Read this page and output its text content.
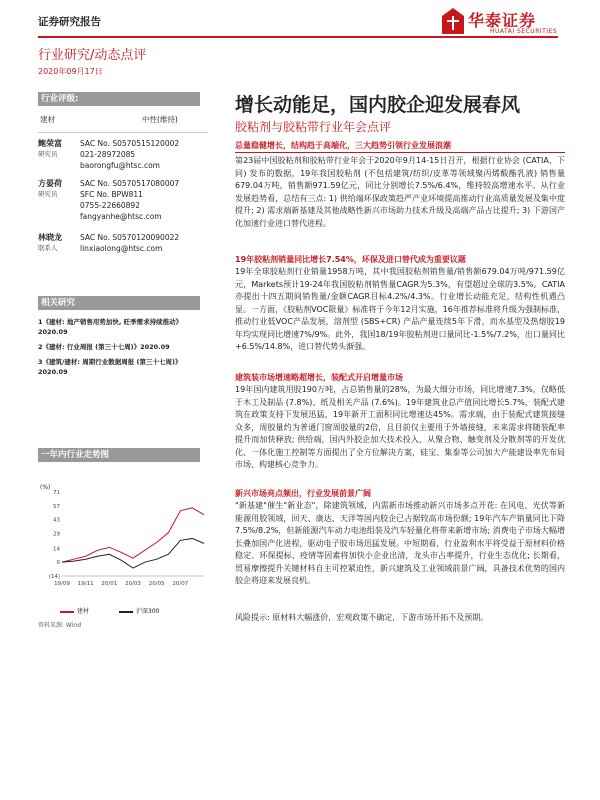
证券研究报告	华泰证券
HUATAI SECURITIES
行业研究/动态点评
2020年09月17日
行业评级:
建材	中性(维持)
鲍荣富
研究员
SAC No. S0570515120002
021-28972085
baorongfu@htsc.com
方晏荷
研究员
SAC No. S0570517080007
SFC No. BPW811
0755-22660892
fangyanhe@htsc.com
林晓龙
联系人
SAC No. S0570120090022
linxiaolong@htsc.com
相关研究
1《建材: 地产销售用势加快, 旺季需求持续推动》 2020.09
2《建材: 行业周报 (第三十七周)》2020.09
3《建筑/建材: 周期行业数据周报 (第三十七周)》 2020.09
一年内行业走势图
71
57
43
29
14
0
(14)
19/09 19/11 20/01 20/03 20/05 20/07
(%)
建材	沪深300
资料来源: Wind
增长动能足，国内胶企迎发展春风
胶粘剂与胶粘带行业年会点评
总量稳健增长，结构趋于高端化，三大趋势引领行业发展浪潮
第23届中国胶粘剂和胶粘带行业年会于2020年9月14-15日召开，根据行业协会 (CATIA，下同) 发布的数据，19年我国胶粘剂 (不包括建筑/纺织/皮革等领域聚丙烯酸酯乳液) 销售量679.04万吨，销售额971.59亿元，同比分别增长7.5%/6.4%，维持较高增速水平。从行业发展趋势看，总结有三点: 1) 供给端环保政策趋严产业环境提高推动行业高质量发展及集中度提升; 2) 需求端新基建及其他战略性新兴市场助力技术升级及高端产品占比提升; 3) 下游国产化加速行业进口替代进程。
19年胶粘剂销量同比增长7.54%，环保及进口替代成为重要议题
19年全球胶粘剂行业销量1958万吨，其中我国胶粘剂销售量/销售额679.04万吨/971.59亿元，Markets预计19-24年我国胶粘剂销售量CAGR为5.3%，有望超过全球的3.5%。CATIA亦提出十四五期间销售量/金额CAGR目标4.2%/4.3%。行业增长动能充足，结构性机遇凸显。一方面，《胶粘剂VOC限量》标准将于今年12月实施，16年推荐标准将升级为强制标准，推动行业低VOC产品发展，溶剂型 (SBS+CR) 产品产量连续5年下滑，而水基型及热熔胶19年均实现同比增速7%/9%。此外，我国18/19年胶粘剂进口量同比-1.5%/7.2%，出口量同比+6.5%/14.8%，进口替代势头渐强。
建筑装市场增速略超增长，装配式开启增量市场
19年国内建筑用胶190万吨，占总销售量的28%，为最大细分市场，同比增速7.3%，仅略低于木工及制品 (7.8%)、纸及相关产品 (7.6%)。19年建筑业总产值同比增长5.7%，装配式建筑在政策支持下发展迅猛，19年新开工面积同比增速达45%。需求端，由于装配式建筑接缝众多，周胶量约为普通门窗周胶量的2倍，且目前仅主要用于外墙接缝，未来需求将随装配率提升而加快释放; 供给端，国内外胶企加大技术投入，从聚合物、触变剂及分散剂等的开发优化、一体化施工控制等方面提出了全方位解决方案，硅宝、集泰等公司加大产能建设率先布局市场、构建核心竞争力。
新兴市场亮点频出，行业发展前景广阔
"新基建"催生"新业态"，除建筑领域，内需新市场推动新兴市场多点开花: 在风电、光伏等新能源用胶领域，回天、康达、天洋等国内胶企已占据较高市场份额; 19年汽车产销量同比下降7.5%/8.2%，但新能源汽车动力电池组装及汽车轻量化将带来新增市场; 消费电子市场大幅增长叠加国产化进程，驱动电子胶市场迅猛发展。中短期看，行业盈利水平将受益于原材料价格稳定、环保提标、疫情等因素将加快小企业出清，龙头市占率提升，行业生态优化; 长期看，贸易摩擦提升关键材料自主可控紧迫性，新兴建筑及工业领域前景广阔，具备技术优势的国内胶企将迎来发展良机。
风险提示: 原材料大幅涨价，宏观政策不确定，下游市场开拓不及预期。
